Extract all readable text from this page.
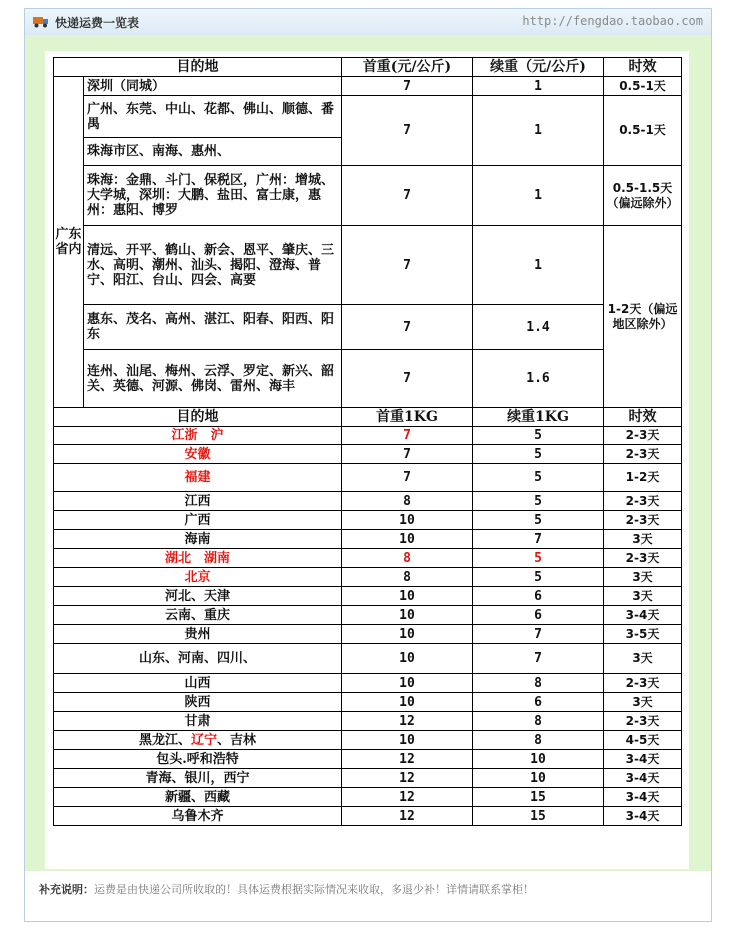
快递运费一览表	http://fengdao.taobao.com
目的地		首重(元/公斤)	续重（元/公斤)	时效
广东省内	深圳（同城）	7	1	0.5-1天
	广州、东莞、中山、花都、佛山、顺德、番禺	7	1	0.5-1天
	珠海市区、南海、惠州、			
	珠海：金鼎、斗门、保税区，广州：增城、大学城，深圳：大鹏、盐田、富士康，惠州：惠阳、博罗	7	1	0.5-1.5天（偏远除外）
	清远、开平、鹤山、新会、恩平、肇庆、三水、高明、潮州、汕头、揭阳、澄海、普宁、阳江、台山、四会、高要	7	1	1-2天（偏远地区除外）
	惠东、茂名、高州、湛江、阳春、阳西、阳东	7	1.4	
	连州、汕尾、梅州、云浮、罗定、新兴、韶关、英德、河源、佛岗、雷州、海丰	7	1.6	
目的地		首重1KG	续重1KG	时效
江浙　沪		7	5	2-3天
安徽		7	5	2-3天
福建		7	5	1-2天
江西		8	5	2-3天
广西		10	5	2-3天
海南		10	7	3天
湖北　湖南		8	5	2-3天
北京		8	5	3天
河北、天津		10	6	3天
云南、重庆		10	6	3-4天
贵州		10	7	3-5天
山东、河南、四川、		10	7	3天
山西		10	8	2-3天
陕西		10	6	3天
甘肃		12	8	2-3天
黑龙江、辽宁、吉林		10	8	4-5天
包头.呼和浩特		12	10	3-4天
青海、银川，西宁		12	10	3-4天
新疆、西藏		12	15	3-4天
乌鲁木齐		12	15	3-4天
补充说明：运费是由快递公司所收取的！具体运费根据实际情况来收取，多退少补！详情请联系掌柜！
